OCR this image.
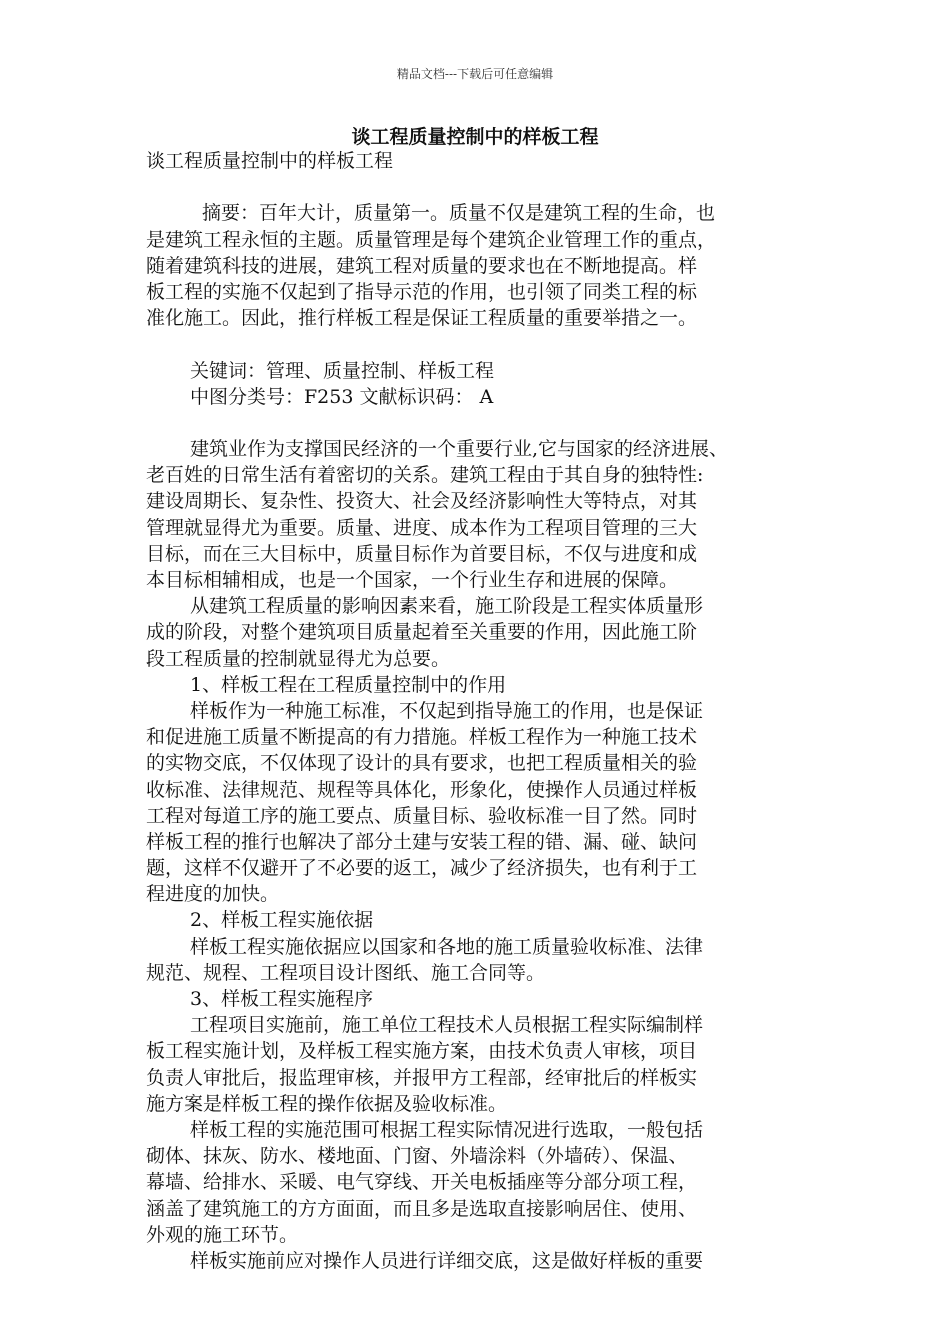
精品文档---下载后可任意编辑
谈工程质量控制中的样板工程
谈工程质量控制中的样板工程
摘要：百年大计，质量第一。质量不仅是建筑工程的生命，也
是建筑工程永恒的主题。质量管理是每个建筑企业管理工作的重点，
随着建筑科技的进展，建筑工程对质量的要求也在不断地提高。样
板工程的实施不仅起到了指导示范的作用，也引领了同类工程的标
准化施工。因此，推行样板工程是保证工程质量的重要举措之一。
关键词：管理、质量控制、样板工程
中图分类号：F253 文献标识码： A
建筑业作为支撑国民经济的一个重要行业,它与国家的经济进展、
老百姓的日常生活有着密切的关系。建筑工程由于其自身的独特性:
建设周期长、复杂性、投资大、社会及经济影响性大等特点，对其
管理就显得尤为重要。质量、进度、成本作为工程项目管理的三大
目标，而在三大目标中，质量目标作为首要目标，不仅与进度和成
本目标相辅相成，也是一个国家，一个行业生存和进展的保障。
从建筑工程质量的影响因素来看，施工阶段是工程实体质量形
成的阶段，对整个建筑项目质量起着至关重要的作用，因此施工阶
段工程质量的控制就显得尤为总要。
1、样板工程在工程质量控制中的作用
样板作为一种施工标准，不仅起到指导施工的作用，也是保证
和促进施工质量不断提高的有力措施。样板工程作为一种施工技术
的实物交底，不仅体现了设计的具有要求，也把工程质量相关的验
收标准、法律规范、规程等具体化，形象化，使操作人员通过样板
工程对每道工序的施工要点、质量目标、验收标准一目了然。同时
样板工程的推行也解决了部分土建与安装工程的错、漏、碰、缺问
题，这样不仅避开了不必要的返工，减少了经济损失，也有利于工
程进度的加快。
2、样板工程实施依据
样板工程实施依据应以国家和各地的施工质量验收标准、法律
规范、规程、工程项目设计图纸、施工合同等。
3、样板工程实施程序
工程项目实施前，施工单位工程技术人员根据工程实际编制样
板工程实施计划，及样板工程实施方案，由技术负责人审核，项目
负责人审批后，报监理审核，并报甲方工程部，经审批后的样板实
施方案是样板工程的操作依据及验收标准。
样板工程的实施范围可根据工程实际情况进行选取，一般包括
砌体、抹灰、防水、楼地面、门窗、外墙涂料（外墙砖）、保温、
幕墙、给排水、采暖、电气穿线、开关电板插座等分部分项工程，
涵盖了建筑施工的方方面面，而且多是选取直接影响居住、使用、
外观的施工环节。
样板实施前应对操作人员进行详细交底，这是做好样板的重要
